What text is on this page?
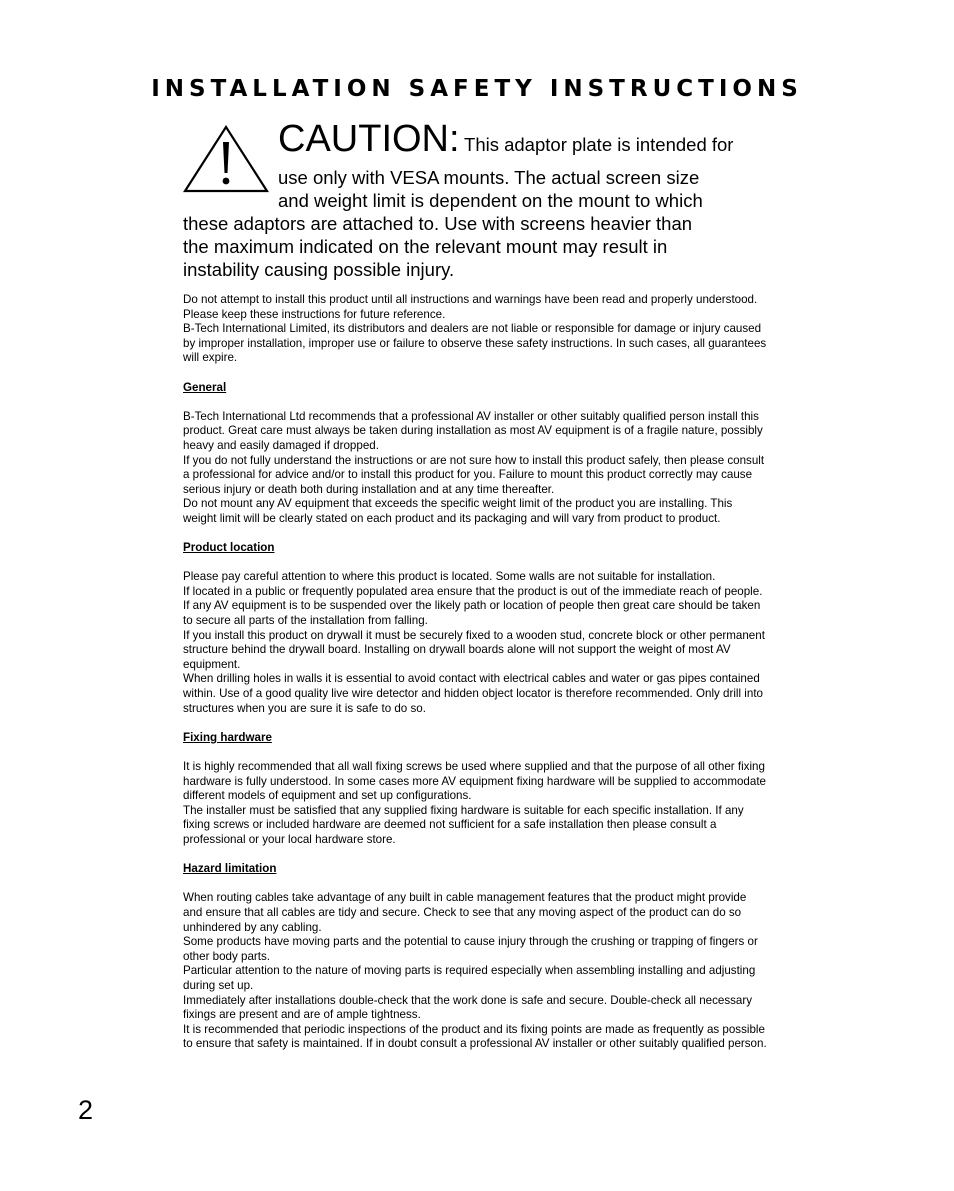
INSTALLATION SAFETY INSTRUCTIONS
CAUTION: This adaptor plate is intended for
use only with VESA mounts. The actual screen size
and weight limit is dependent on the mount to which
these adaptors are attached to. Use with screens heavier than
the maximum indicated on the relevant mount may result in
instability causing possible injury.

Do not attempt to install this product until all instructions and warnings have been read and properly understood. Please keep these instructions for future reference.

B-Tech International Limited, its distributors and dealers are not liable or responsible for damage or injury caused by improper installation, improper use or failure to observe these safety instructions. In such cases, all guarantees will expire.

General

B-Tech International Ltd recommends that a professional AV installer or other suitably qualified person install this product. Great care must always be taken during installation as most AV equipment is of a fragile nature, possibly heavy and easily damaged if dropped.

If you do not fully understand the instructions or are not sure how to install this product safely, then please consult a professional for advice and/or to install this product for you. Failure to mount this product correctly may cause serious injury or death both during installation and at any time thereafter.

Do not mount any AV equipment that exceeds the specific weight limit of the product you are installing. This weight limit will be clearly stated on each product and its packaging and will vary from product to product.

Product location

Please pay careful attention to where this product is located. Some walls are not suitable for installation.

If located in a public or frequently populated area ensure that the product is out of the immediate reach of people. If any AV equipment is to be suspended over the likely path or location of people then great care should be taken to secure all parts of the installation from falling.

If you install this product on drywall it must be securely fixed to a wooden stud, concrete block or other permanent structure behind the drywall board. Installing on drywall boards alone will not support the weight of most AV equipment.

When drilling holes in walls it is essential to avoid contact with electrical cables and water or gas pipes contained within. Use of a good quality live wire detector and hidden object locator is therefore recommended. Only drill into structures when you are sure it is safe to do so.

Fixing hardware

It is highly recommended that all wall fixing screws be used where supplied and that the purpose of all other fixing hardware is fully understood. In some cases more AV equipment fixing hardware will be supplied to accommodate different models of equipment and set up configurations.

The installer must be satisfied that any supplied fixing hardware is suitable for each specific installation. If any fixing screws or included hardware are deemed not sufficient for a safe installation then please consult a professional or your local hardware store.

Hazard limitation

When routing cables take advantage of any built in cable management features that the product might provide and ensure that all cables are tidy and secure. Check to see that any moving aspect of the product can do so unhindered by any cabling.

Some products have moving parts and the potential to cause injury through the crushing or trapping of fingers or other body parts.

Particular attention to the nature of moving parts is required especially when assembling installing and adjusting during set up.

Immediately after installations double-check that the work done is safe and secure. Double-check all necessary fixings are present and are of ample tightness.

It is recommended that periodic inspections of the product and its fixing points are made as frequently as possible to ensure that safety is maintained. If in doubt consult a professional AV installer or other suitably qualified person.

2
